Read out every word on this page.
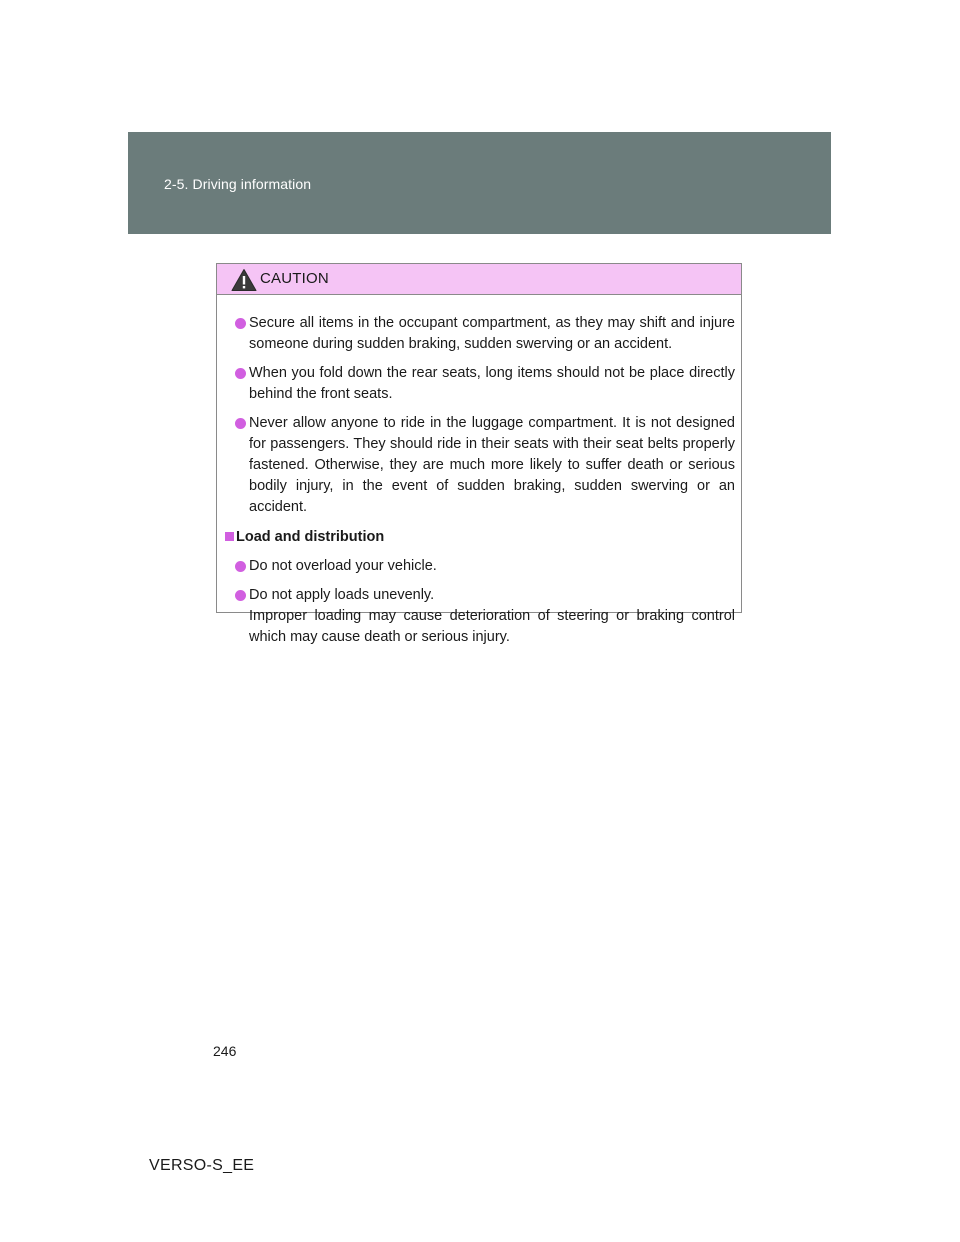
2-5. Driving information
CAUTION
Secure all items in the occupant compartment, as they may shift and injure someone during sudden braking, sudden swerving or an accident.
When you fold down the rear seats, long items should not be place directly behind the front seats.
Never allow anyone to ride in the luggage compartment. It is not designed for passengers. They should ride in their seats with their seat belts properly fastened. Otherwise, they are much more likely to suffer death or serious bodily injury, in the event of sudden braking, sudden swerving or an accident.
Load and distribution
Do not overload your vehicle.
Do not apply loads unevenly.
Improper loading may cause deterioration of steering or braking control which may cause death or serious injury.
246
VERSO-S_EE
